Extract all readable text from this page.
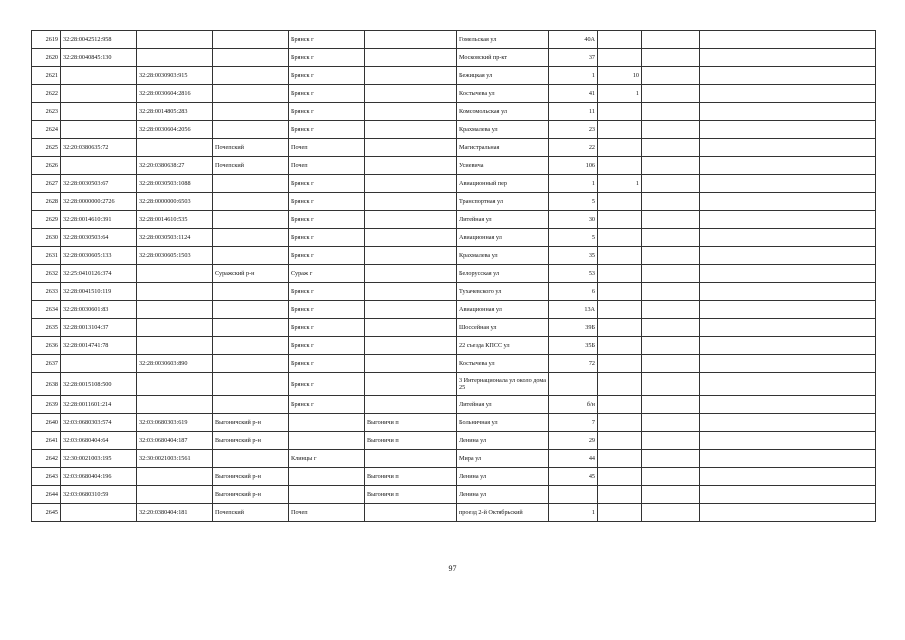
2619	32:28:0042512:958			Брянск г		Гомельская ул	40А			
2620	32:28:0040845:130			Брянск г		Московский пр-кт	37			
2621		32:28:0030903:915		Брянск г		Бежицкая ул	1	10		
2622		32:28:0030604:2816		Брянск г		Костычева ул	41	1		
2623		32:28:0014805:283		Брянск г		Комсомольская ул	11			
2624		32:28:0030604:2056		Брянск г		Крахмалева ул	23			
2625	32:20:0380635:72		Почепский	Почеп		Магистральная	22			
2626		32:20:0380638:27	Почепский	Почеп		Усиевича	106			
2627	32:28:0030503:67	32:28:0030503:1088		Брянск г		Авиационный пер	1	1		
2628	32:28:0000000:2726	32:28:0000000:6503		Брянск г		Транспортная ул	5			
2629	32:28:0014610:391	32:28:0014610:535		Брянск г		Литейная ул	30			
2630	32:28:0030503:64	32:28:0030503:1124		Брянск г		Авиационная ул	5			
2631	32:28:0030605:133	32:28:0030605:1503		Брянск г		Крахмалева ул	35			
2632	32:25:0410126:374		Суражский р-н	Сураж г		Белорусская ул	53			
2633	32:28:0041510:119			Брянск г		Тухачевского ул	6			
2634	32:28:0030601:83			Брянск г		Авиационная ул	13А			
2635	32:28:0013104:37			Брянск г		Шоссейная ул	39Б			
2636	32:28:0014741:78			Брянск г		22 съезда КПСС ул	35Б			
2637		32:28:0030603:890		Брянск г		Костычева ул	72			
2638	32:28:0015108:500			Брянск г		3 Интернационала ул около дома 25				
2639	32:28:0011601:214			Брянск г		Литейная ул	б/н			
2640	32:03:0680303:574	32:03:0680303:619	Выгоничский р-н		Выгоничи п	Больничная ул	7			
2641	32:03:0680404:64	32:03:0680404:187	Выгоничский р-н		Выгоничи п	Ленина ул	29			
2642	32:30:0021003:195	32:30:0021003:1561		Клинцы г		Мира ул	44			
2643	32:03:0680404:196		Выгоничский р-н		Выгоничи п	Ленина ул	45			
2644	32:03:0680310:59		Выгоничский р-н		Выгоничи п	Ленина ул				
2645		32:20:0380404:181	Почепский	Почеп		проезд 2-й Октябрьский	1			
97
